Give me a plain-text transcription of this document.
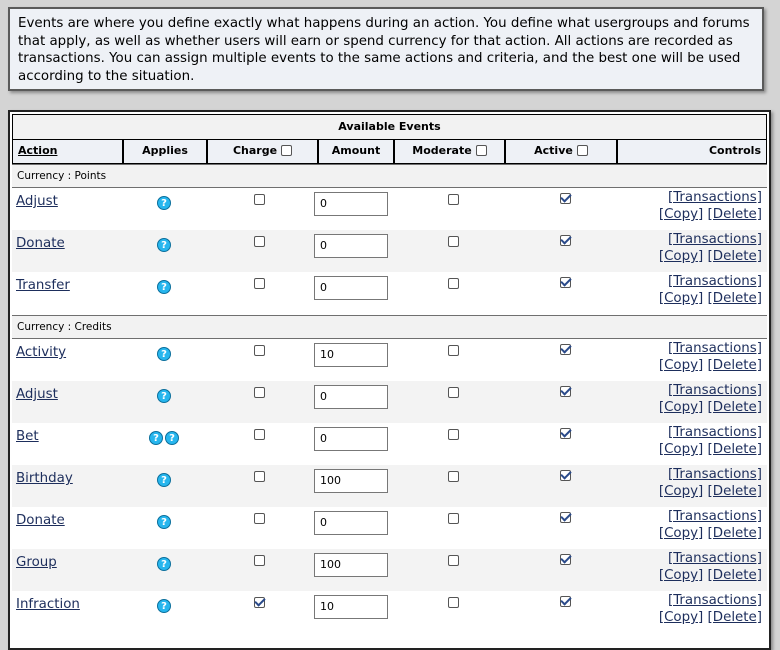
Events are where you define exactly what happens during an action. You define what usergroups and forums that apply, as well as whether users will earn or spend currency for that action. All actions are recorded as transactions. You can assign multiple events to the same actions and criteria, and the best one will be used according to the situation.
Available Events
Action	Applies	Charge	Amount	Moderate	Active	Controls
Currency : Points
Adjust	?	0	[Transactions]
[Copy] [Delete]
Donate	?	0	[Transactions]
[Copy] [Delete]
Transfer	?	0	[Transactions]
[Copy] [Delete]
Currency : Credits
Activity	?	10	[Transactions]
[Copy] [Delete]
Adjust	?	0	[Transactions]
[Copy] [Delete]
Bet	? ?	0	[Transactions]
[Copy] [Delete]
Birthday	?	100	[Transactions]
[Copy] [Delete]
Donate	?	0	[Transactions]
[Copy] [Delete]
Group	?	100	[Transactions]
[Copy] [Delete]
Infraction	?	10	[Transactions]
[Copy] [Delete]
